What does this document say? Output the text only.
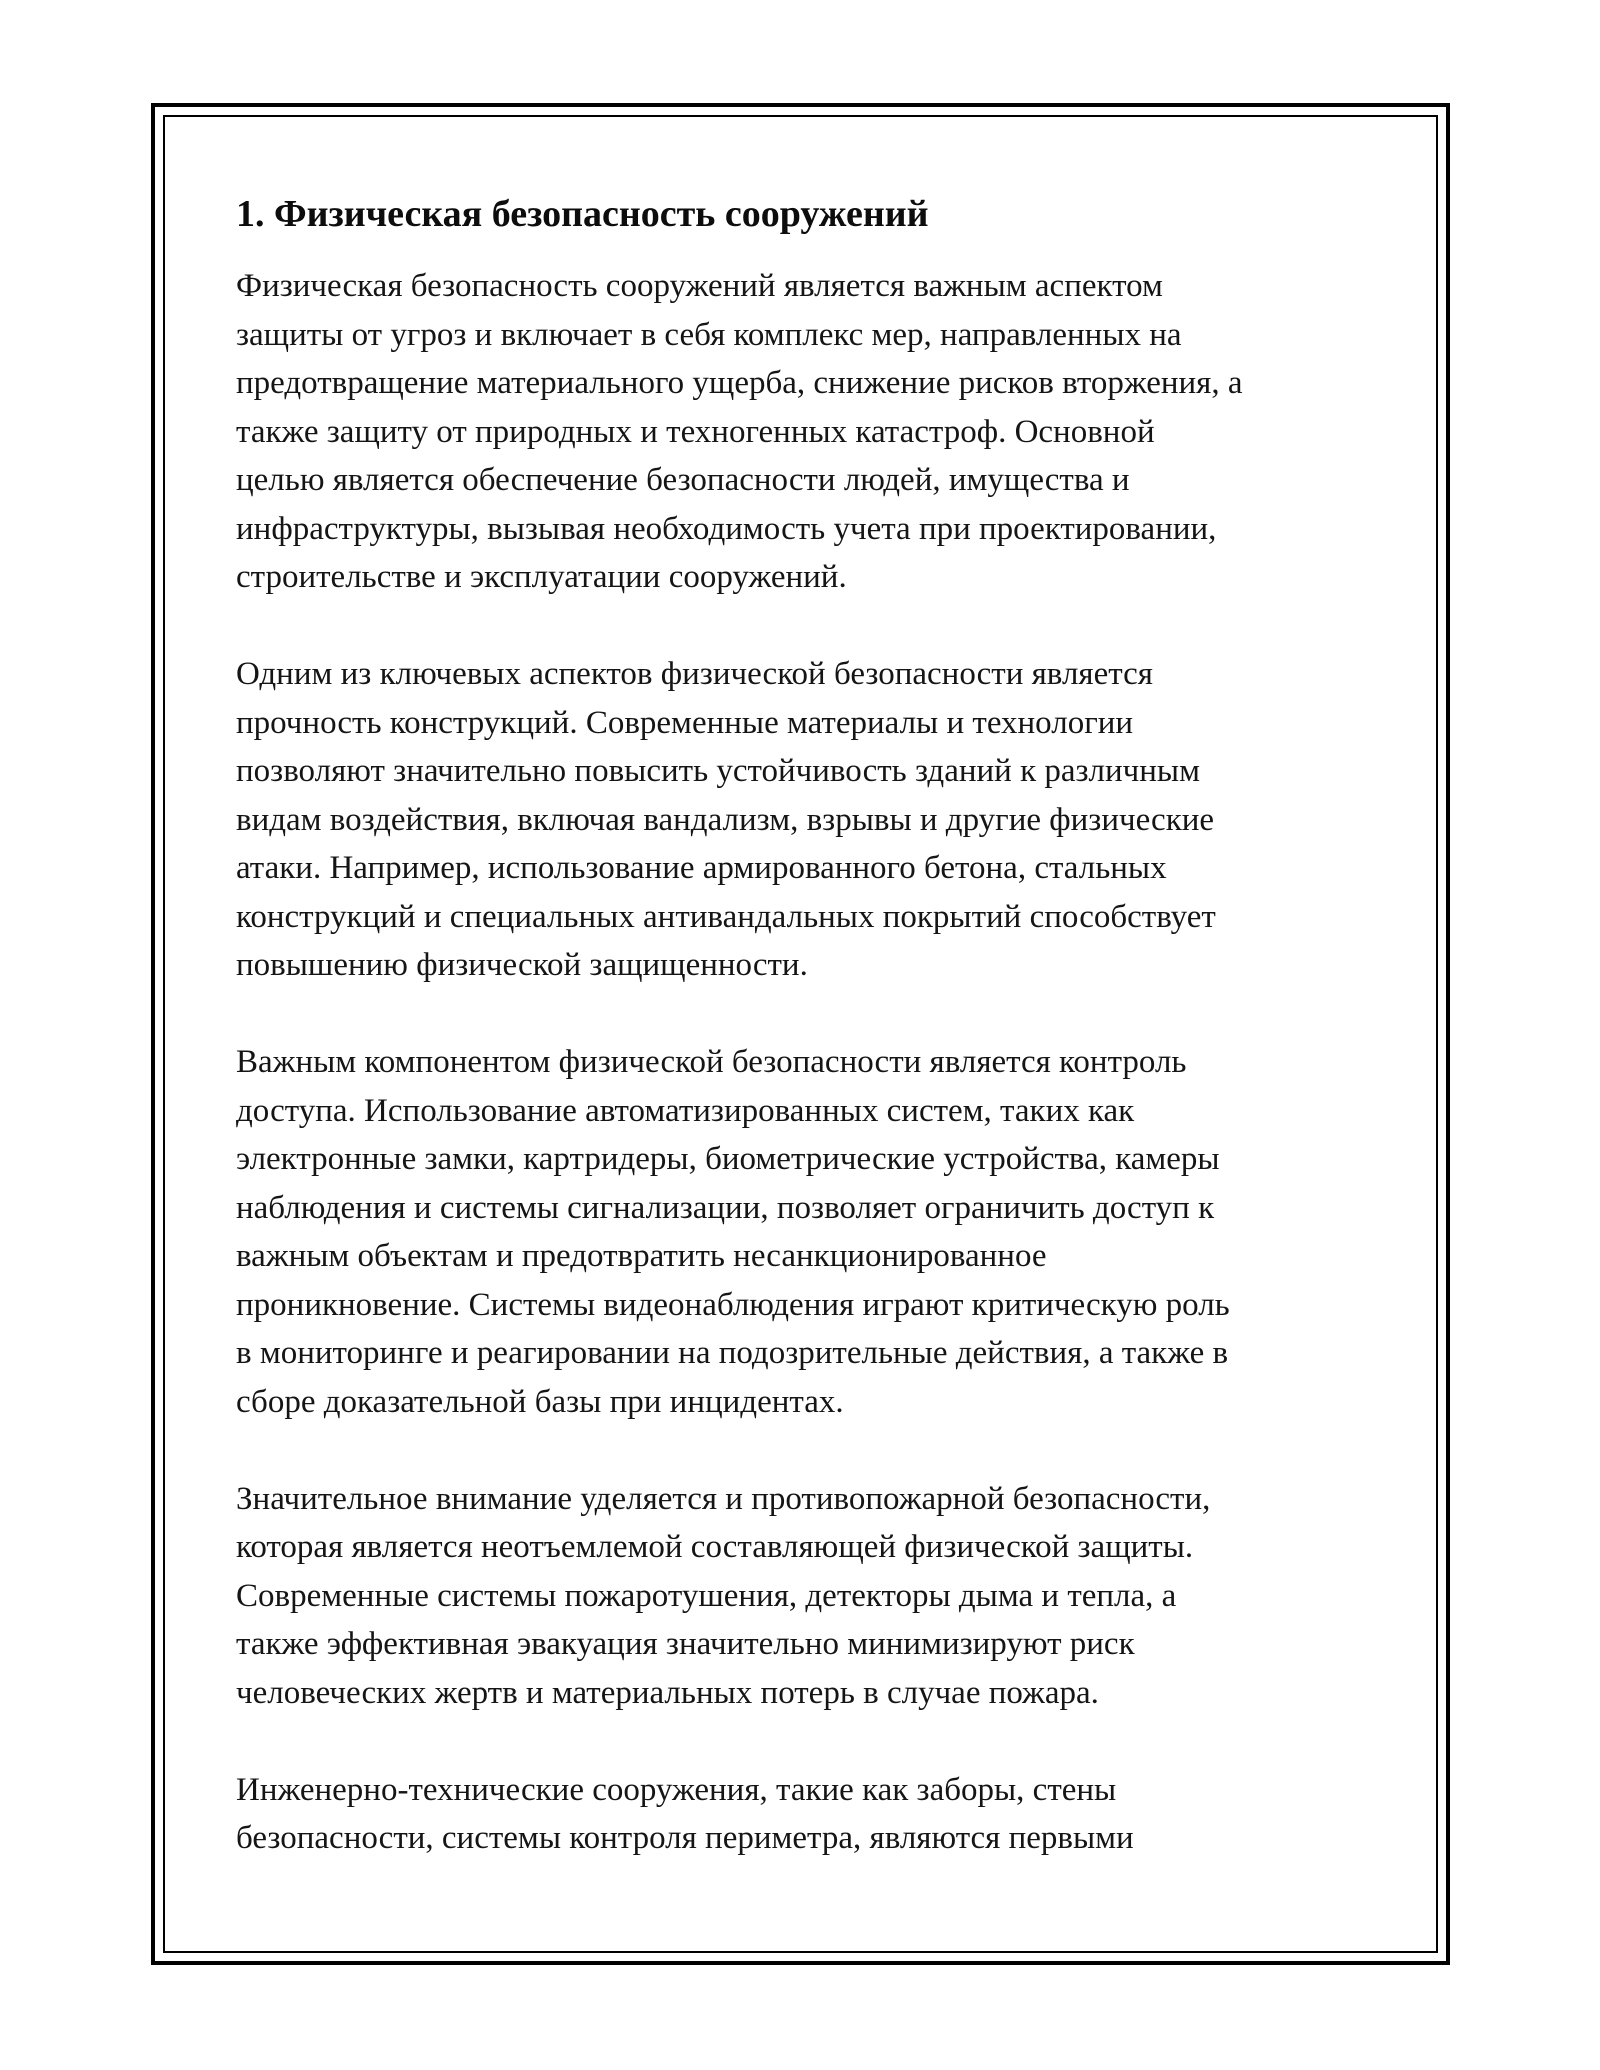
1. Физическая безопасность сооружений

Физическая безопасность сооружений является важным аспектом
защиты от угроз и включает в себя комплекс мер, направленных на
предотвращение материального ущерба, снижение рисков вторжения, а
также защиту от природных и техногенных катастроф. Основной
целью является обеспечение безопасности людей, имущества и
инфраструктуры, вызывая необходимость учета при проектировании,
строительстве и эксплуатации сооружений.

Одним из ключевых аспектов физической безопасности является
прочность конструкций. Современные материалы и технологии
позволяют значительно повысить устойчивость зданий к различным
видам воздействия, включая вандализм, взрывы и другие физические
атаки. Например, использование армированного бетона, стальных
конструкций и специальных антивандальных покрытий способствует
повышению физической защищенности.

Важным компонентом физической безопасности является контроль
доступа. Использование автоматизированных систем, таких как
электронные замки, картридеры, биометрические устройства, камеры
наблюдения и системы сигнализации, позволяет ограничить доступ к
важным объектам и предотвратить несанкционированное
проникновение. Системы видеонаблюдения играют критическую роль
в мониторинге и реагировании на подозрительные действия, а также в
сборе доказательной базы при инцидентах.

Значительное внимание уделяется и противопожарной безопасности,
которая является неотъемлемой составляющей физической защиты.
Современные системы пожаротушения, детекторы дыма и тепла, а
также эффективная эвакуация значительно минимизируют риск
человеческих жертв и материальных потерь в случае пожара.

Инженерно-технические сооружения, такие как заборы, стены
безопасности, системы контроля периметра, являются первыми
